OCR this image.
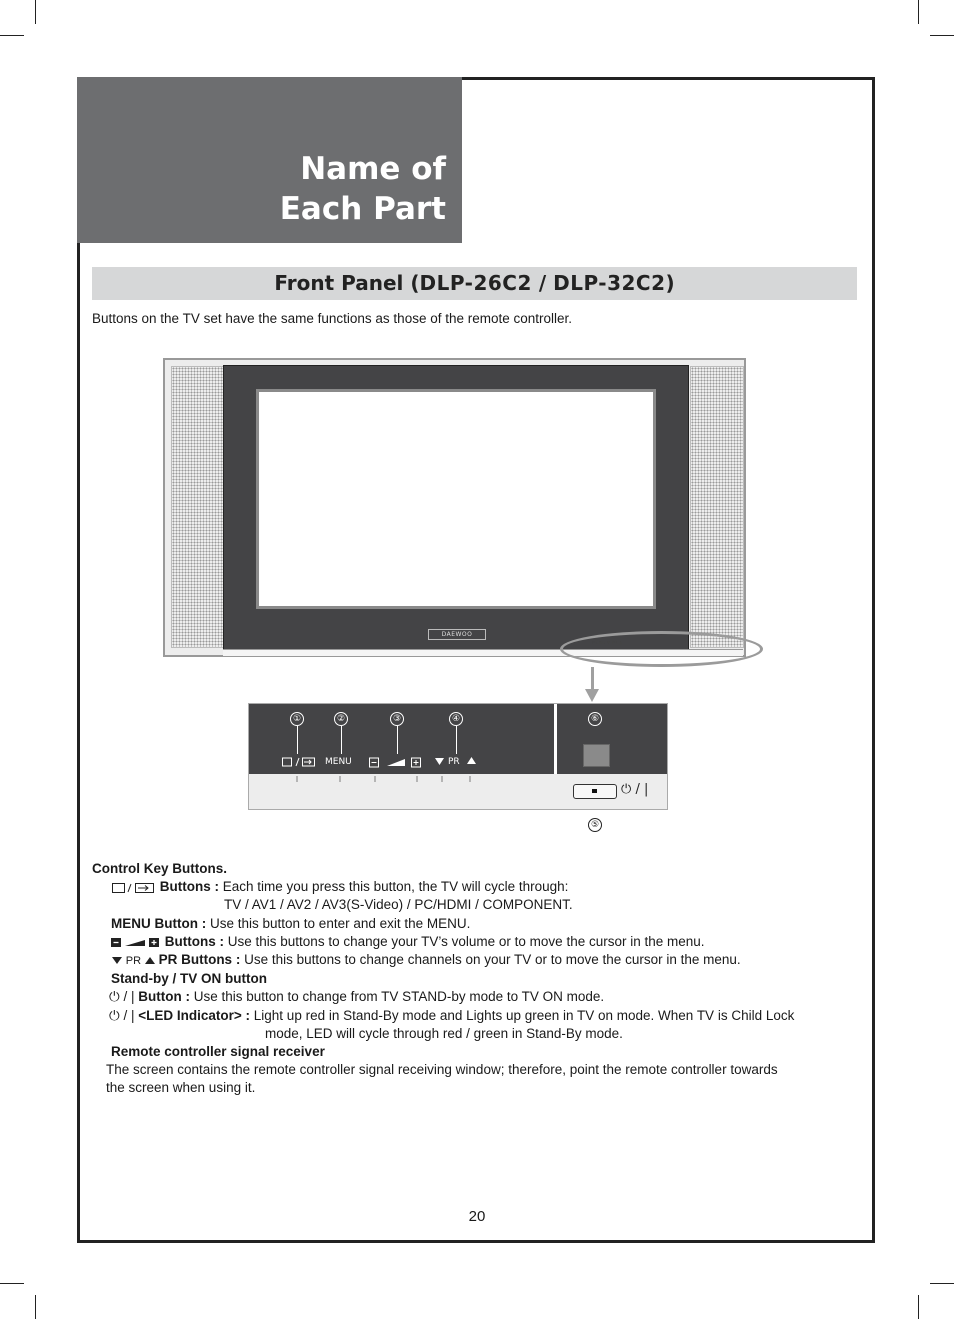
Name of
Each Part
Front Panel (DLP-26C2 / DLP-32C2)
Buttons on the TV set have the same functions as those of the remote controller.
DAEWOO
MENU ▼ PR ▲
①	②	③	④	⑥
MENU	PR
⏻ / |
⑤
Control Key Buttons.
Buttons : Each time you press this button, the TV will cycle through:
TV / AV1 / AV2 / AV3(S-Video) / PC/HDMI / COMPONENT.
MENU Button : Use this button to enter and exit the MENU.
Buttons : Use this buttons to change your TV’s volume or to move the cursor in the menu.
PR PR Buttons : Use this buttons to change channels on your TV or to move the cursor in the menu.
Stand-by / TV ON button
⏻ / | Button : Use this button to change from TV STAND-by mode to TV ON mode.
⏻ / | <LED Indicator> : Light up red in Stand-By mode and Lights up green in TV on mode. When TV is Child Lock
mode, LED will cycle through red / green in Stand-By mode.
Remote controller signal receiver
The screen contains the remote controller signal receiving window; therefore, point the remote controller towards
the screen when using it.
20
